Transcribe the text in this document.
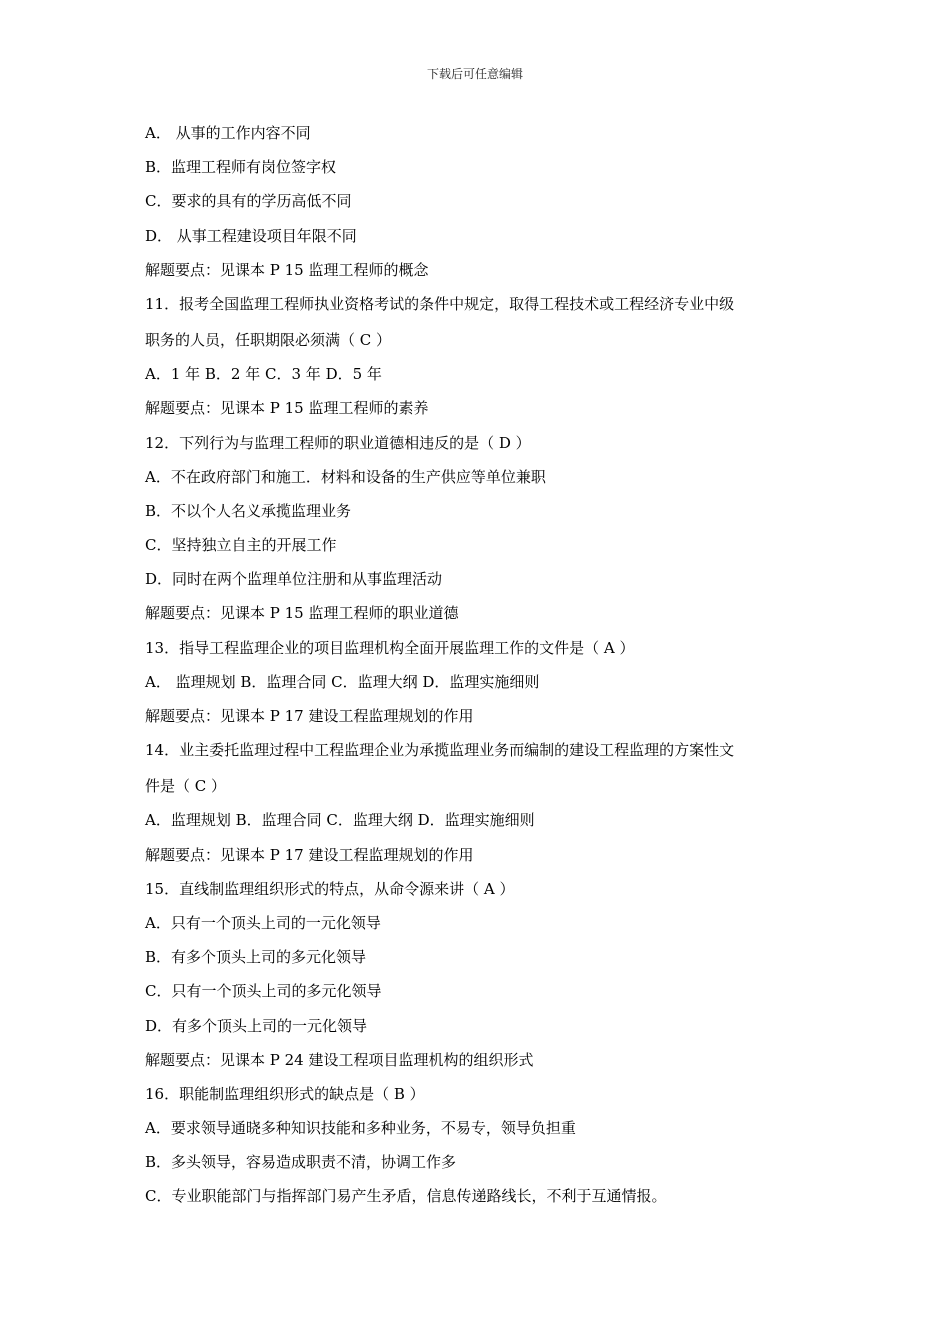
下载后可任意编辑
A． 从事的工作内容不同
B．监理工程师有岗位签字权
C．要求的具有的学历高低不同
D． 从事工程建设项目年限不同
解题要点：见课本 P 15 监理工程师的概念
11．报考全国监理工程师执业资格考试的条件中规定，取得工程技术或工程经济专业中级
职务的人员，任职期限必须满（ C ）
A．1 年 B．2 年 C．3 年 D．5 年
解题要点：见课本 P 15 监理工程师的素养
12．下列行为与监理工程师的职业道德相违反的是（ D ）
A．不在政府部门和施工．材料和设备的生产供应等单位兼职
B．不以个人名义承揽监理业务
C．坚持独立自主的开展工作
D．同时在两个监理单位注册和从事监理活动
解题要点：见课本 P 15 监理工程师的职业道德
13．指导工程监理企业的项目监理机构全面开展监理工作的文件是（ A ）
A． 监理规划 B．监理合同 C．监理大纲 D．监理实施细则
解题要点：见课本 P 17 建设工程监理规划的作用
14．业主委托监理过程中工程监理企业为承揽监理业务而编制的建设工程监理的方案性文
件是（ C ）
A．监理规划 B．监理合同 C．监理大纲 D．监理实施细则
解题要点：见课本 P 17 建设工程监理规划的作用
15．直线制监理组织形式的特点，从命令源来讲（ A ）
A．只有一个顶头上司的一元化领导
B．有多个顶头上司的多元化领导
C．只有一个顶头上司的多元化领导
D．有多个顶头上司的一元化领导
解题要点：见课本 P 24 建设工程项目监理机构的组织形式
16．职能制监理组织形式的缺点是（ B ）
A．要求领导通晓多种知识技能和多种业务，不易专，领导负担重
B．多头领导，容易造成职责不清，协调工作多
C．专业职能部门与指挥部门易产生矛盾，信息传递路线长，不利于互通情报。
